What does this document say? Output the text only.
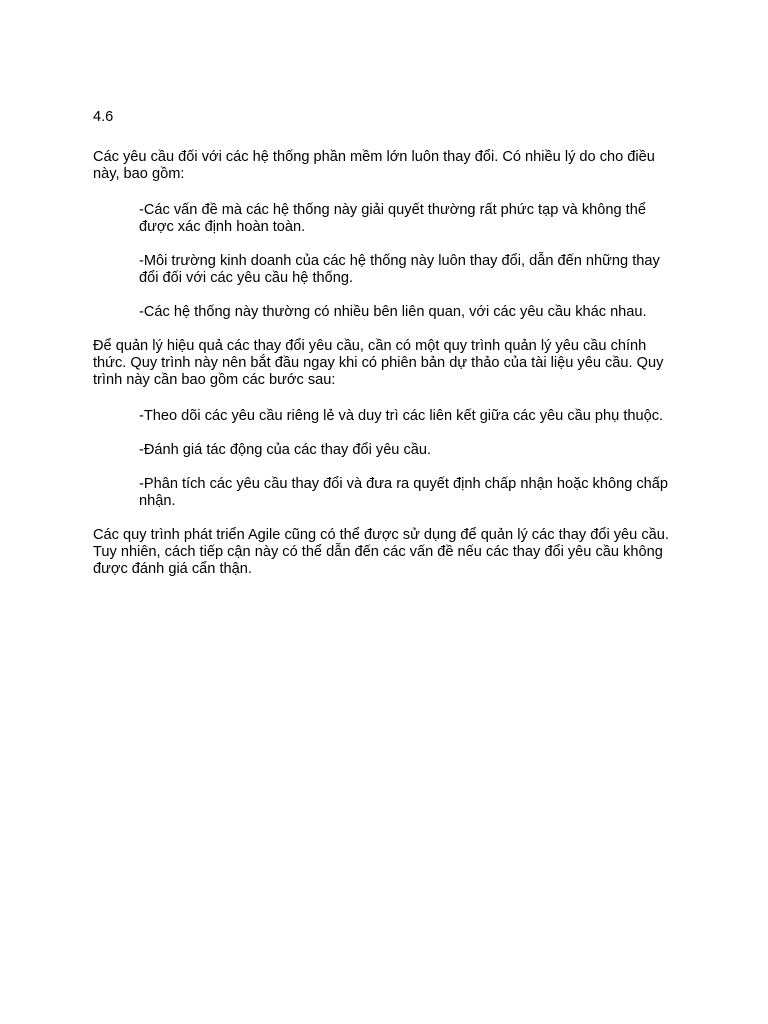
4.6

Các yêu cầu đối với các hệ thống phần mềm lớn luôn thay đổi. Có nhiều lý do cho điều này, bao gồm:

-Các vấn đề mà các hệ thống này giải quyết thường rất phức tạp và không thể được xác định hoàn toàn.
-Môi trường kinh doanh của các hệ thống này luôn thay đổi, dẫn đến những thay đổi đối với các yêu cầu hệ thống.
-Các hệ thống này thường có nhiều bên liên quan, với các yêu cầu khác nhau.

Để quản lý hiệu quả các thay đổi yêu cầu, cần có một quy trình quản lý yêu cầu chính thức. Quy trình này nên bắt đầu ngay khi có phiên bản dự thảo của tài liệu yêu cầu. Quy trình này cần bao gồm các bước sau:

-Theo dõi các yêu cầu riêng lẻ và duy trì các liên kết giữa các yêu cầu phụ thuộc.
-Đánh giá tác động của các thay đổi yêu cầu.
-Phân tích các yêu cầu thay đổi và đưa ra quyết định chấp nhận hoặc không chấp nhận.

Các quy trình phát triển Agile cũng có thể được sử dụng để quản lý các thay đổi yêu cầu. Tuy nhiên, cách tiếp cận này có thể dẫn đến các vấn đề nếu các thay đổi yêu cầu không được đánh giá cẩn thận.
